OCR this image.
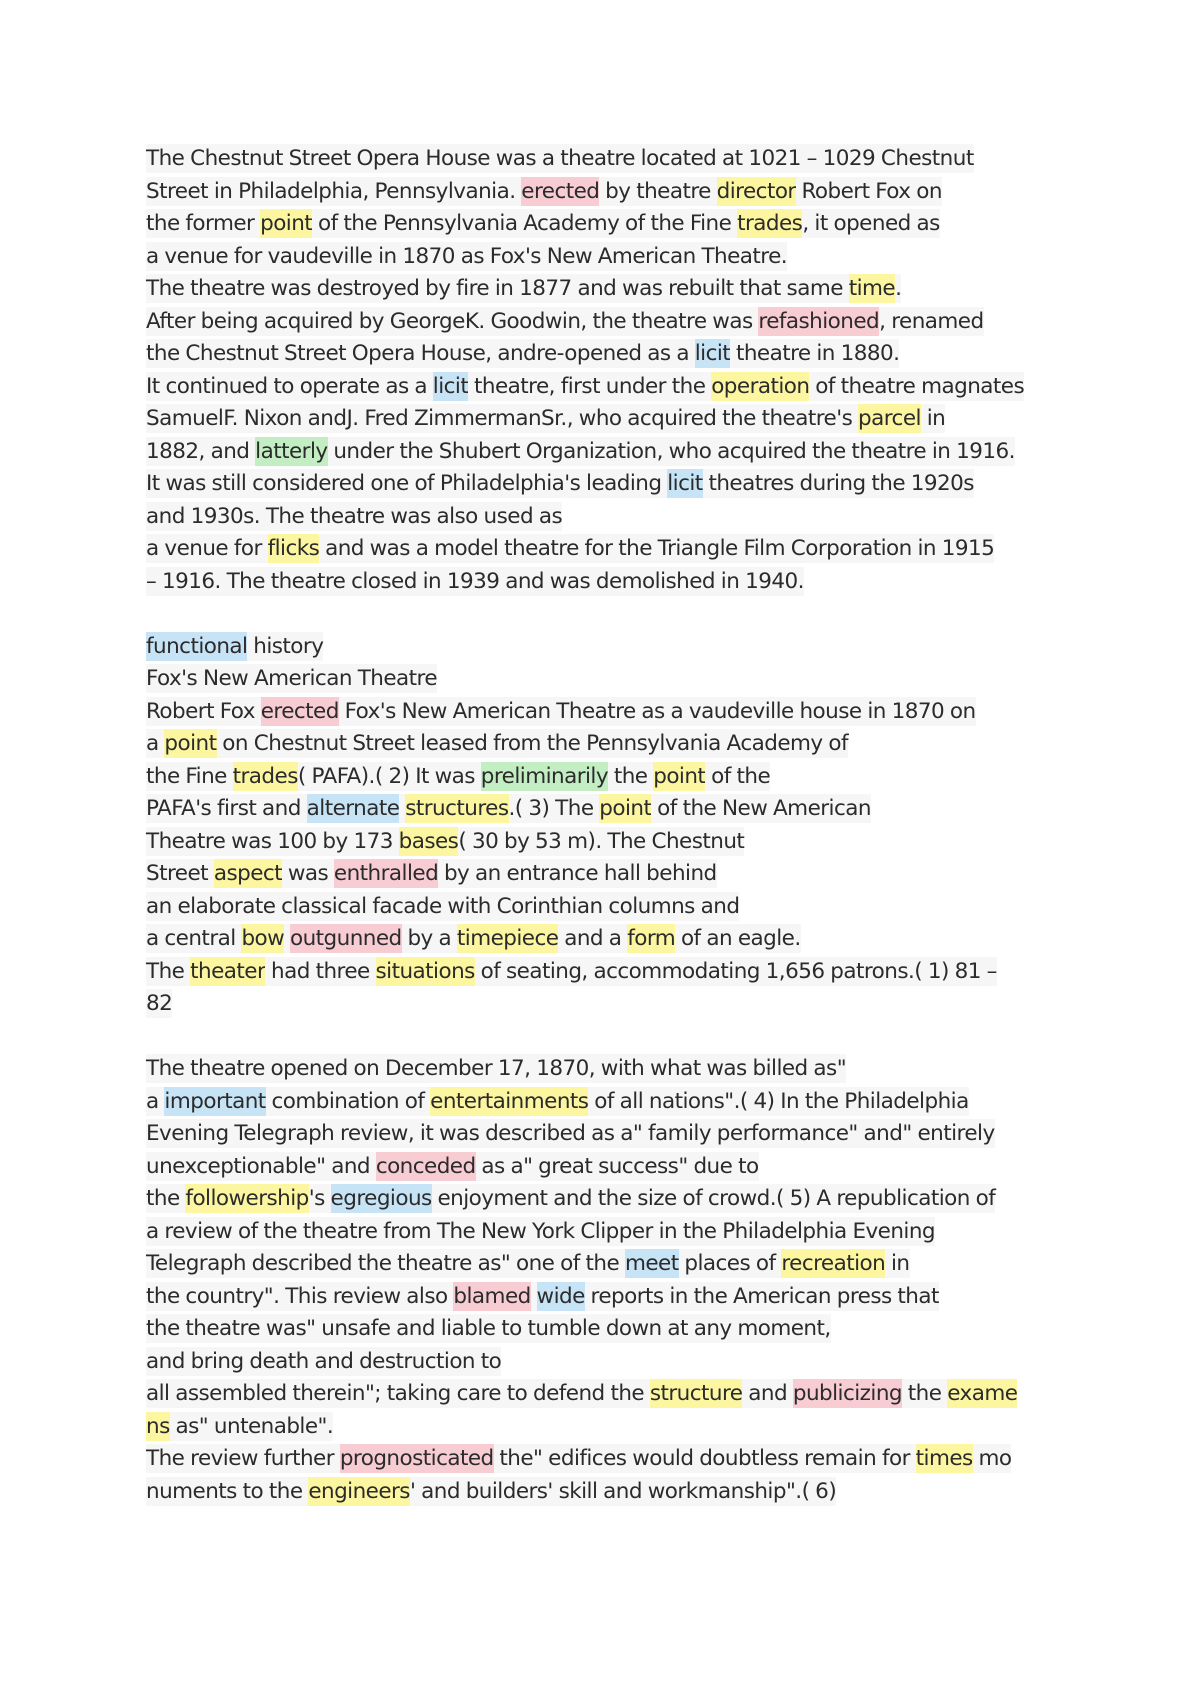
The Chestnut Street Opera House was a theatre located at 1021 – 1029 Chestnut
Street in Philadelphia, Pennsylvania. erected by theatre director Robert Fox on
the former point of the Pennsylvania Academy of the Fine trades, it opened as
a venue for vaudeville in 1870 as Fox's New American Theatre.
The theatre was destroyed by fire in 1877 and was rebuilt that same time.
After being acquired by GeorgeK. Goodwin, the theatre was refashioned, renamed
the Chestnut Street Opera House, andre-opened as a licit theatre in 1880.
It continued to operate as a licit theatre, first under the operation of theatre magnates
SamuelF. Nixon andJ. Fred ZimmermanSr., who acquired the theatre's parcel in
1882, and latterly under the Shubert Organization, who acquired the theatre in 1916.
It was still considered one of Philadelphia's leading licit theatres during the 1920s
and 1930s. The theatre was also used as
a venue for flicks and was a model theatre for the Triangle Film Corporation in 1915
– 1916. The theatre closed in 1939 and was demolished in 1940.
functional history
Fox's New American Theatre
Robert Fox erected Fox's New American Theatre as a vaudeville house in 1870 on
a point on Chestnut Street leased from the Pennsylvania Academy of
the Fine trades( PAFA).( 2) It was preliminarily the point of the
PAFA's first and alternate structures.( 3) The point of the New American
Theatre was 100 by 173 bases( 30 by 53 m). The Chestnut
Street aspect was enthralled by an entrance hall behind
an elaborate classical facade with Corinthian columns and
a central bow outgunned by a timepiece and a form of an eagle.
The theater had three situations of seating, accommodating 1,656 patrons.( 1) 81 –
82
The theatre opened on December 17, 1870, with what was billed as"
a important combination of entertainments of all nations".( 4) In the Philadelphia
Evening Telegraph review, it was described as a" family performance" and" entirely
unexceptionable" and conceded as a" great success" due to
the followership's egregious enjoyment and the size of crowd.( 5) A republication of
a review of the theatre from The New York Clipper in the Philadelphia Evening
Telegraph described the theatre as" one of the meet places of recreation in
the country". This review also blamed wide reports in the American press that
the theatre was" unsafe and liable to tumble down at any moment,
and bring death and destruction to
all assembled therein"; taking care to defend the structure and publicizing the exame
ns as" untenable".
The review further prognosticated the" edifices would doubtless remain for times mo
numents to the engineers' and builders' skill and workmanship".( 6)
